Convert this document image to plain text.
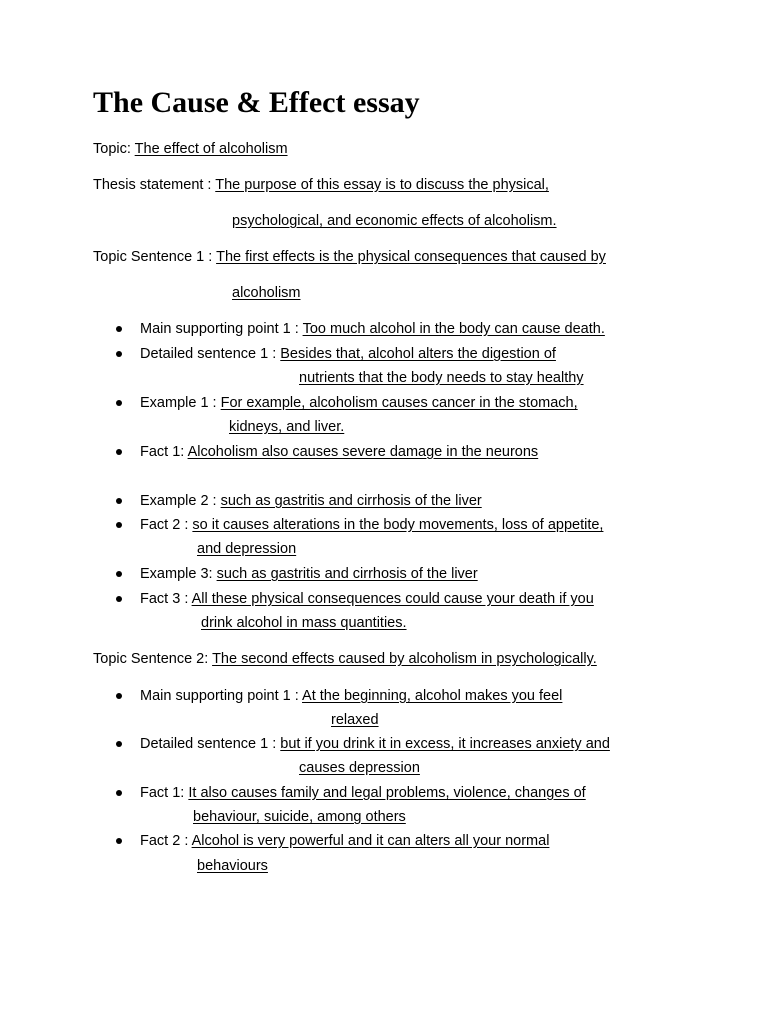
The Cause & Effect essay
Topic: The effect of alcoholism
Thesis statement : The purpose of this essay is to discuss the physical,
psychological, and economic effects of alcoholism.
Topic Sentence 1 : The first effects is the physical consequences that caused by
alcoholism
Main supporting point 1 : Too much alcohol in the body can cause death.
Detailed sentence 1 : Besides that, alcohol alters the digestion of
nutrients that the body needs to stay healthy
Example 1 : For example, alcoholism causes cancer in the stomach,
kidneys, and liver.
Fact 1: Alcoholism also causes severe damage in the neurons
Example 2 : such as gastritis and cirrhosis of the liver
Fact 2 : so it causes alterations in the body movements, loss of appetite,
and depression
Example 3: such as gastritis and cirrhosis of the liver
Fact 3 : All these physical consequences could cause your death if you
drink alcohol in mass quantities.
Topic Sentence 2: The second effects caused by alcoholism in psychologically.
Main supporting point 1 : At the beginning, alcohol makes you feel
relaxed
Detailed sentence 1 : but if you drink it in excess, it increases anxiety and
causes depression
Fact 1: It also causes family and legal problems, violence, changes of
behaviour, suicide, among others
Fact 2 : Alcohol is very powerful and it can alters all your normal
behaviours
